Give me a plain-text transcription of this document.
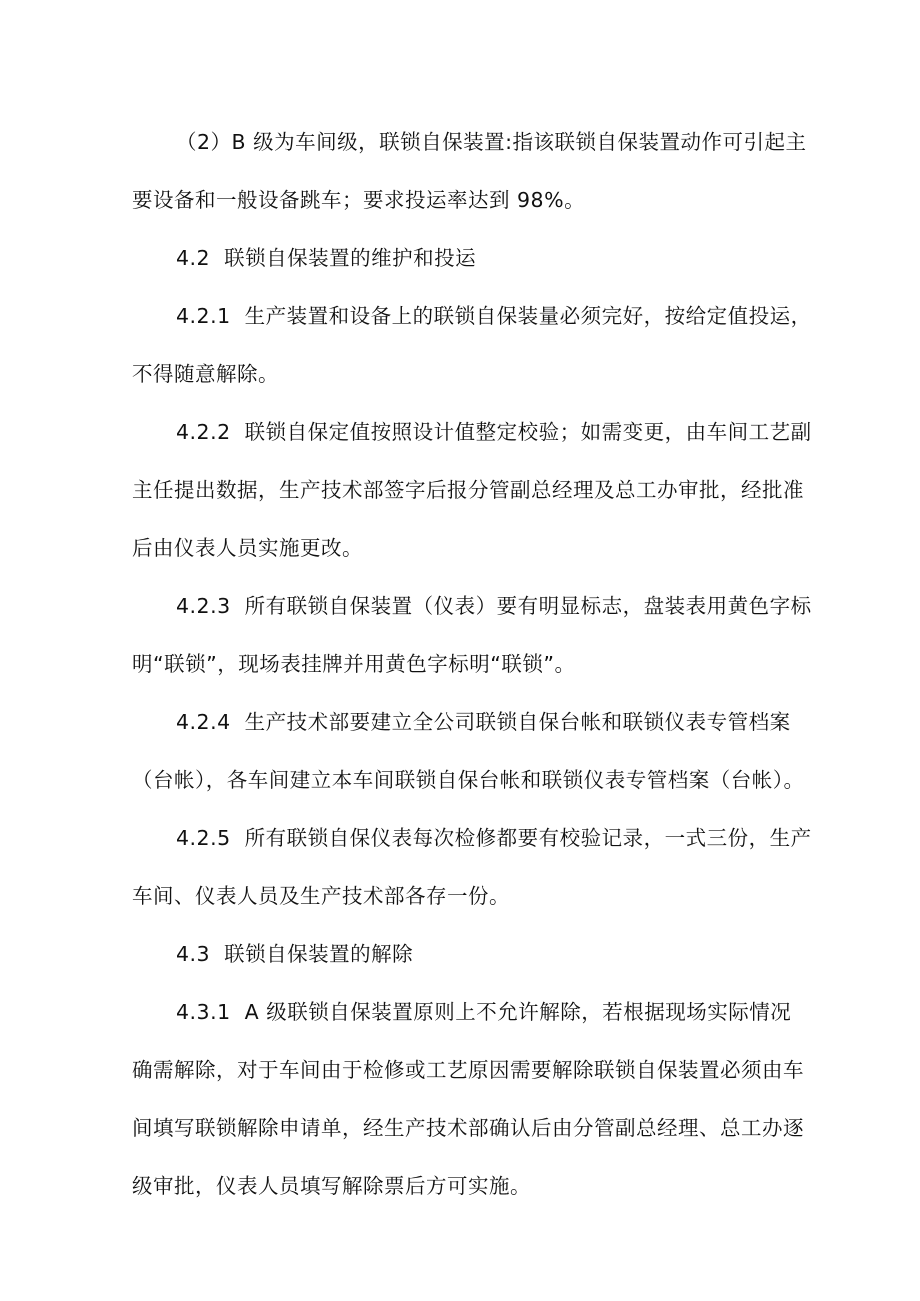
（2）B 级为车间级，联锁自保装置:指该联锁自保装置动作可引起主要设备和一般设备跳车；要求投运率达到 98%。

4.2 联锁自保装置的维护和投运

4.2.1 生产装置和设备上的联锁自保装量必须完好，按给定值投运，不得随意解除。

4.2.2 联锁自保定值按照设计值整定校验；如需变更，由车间工艺副主任提出数据，生产技术部签字后报分管副总经理及总工办审批，经批准后由仪表人员实施更改。

4.2.3 所有联锁自保装置（仪表）要有明显标志，盘装表用黄色字标明“联锁”，现场表挂牌并用黄色字标明“联锁”。

4.2.4 生产技术部要建立全公司联锁自保台帐和联锁仪表专管档案（台帐），各车间建立本车间联锁自保台帐和联锁仪表专管档案（台帐）。

4.2.5 所有联锁自保仪表每次检修都要有校验记录，一式三份，生产车间、仪表人员及生产技术部各存一份。

4.3 联锁自保装置的解除

4.3.1 A 级联锁自保装置原则上不允许解除，若根据现场实际情况确需解除，对于车间由于检修或工艺原因需要解除联锁自保装置必须由车间填写联锁解除申请单，经生产技术部确认后由分管副总经理、总工办逐级审批，仪表人员填写解除票后方可实施。
